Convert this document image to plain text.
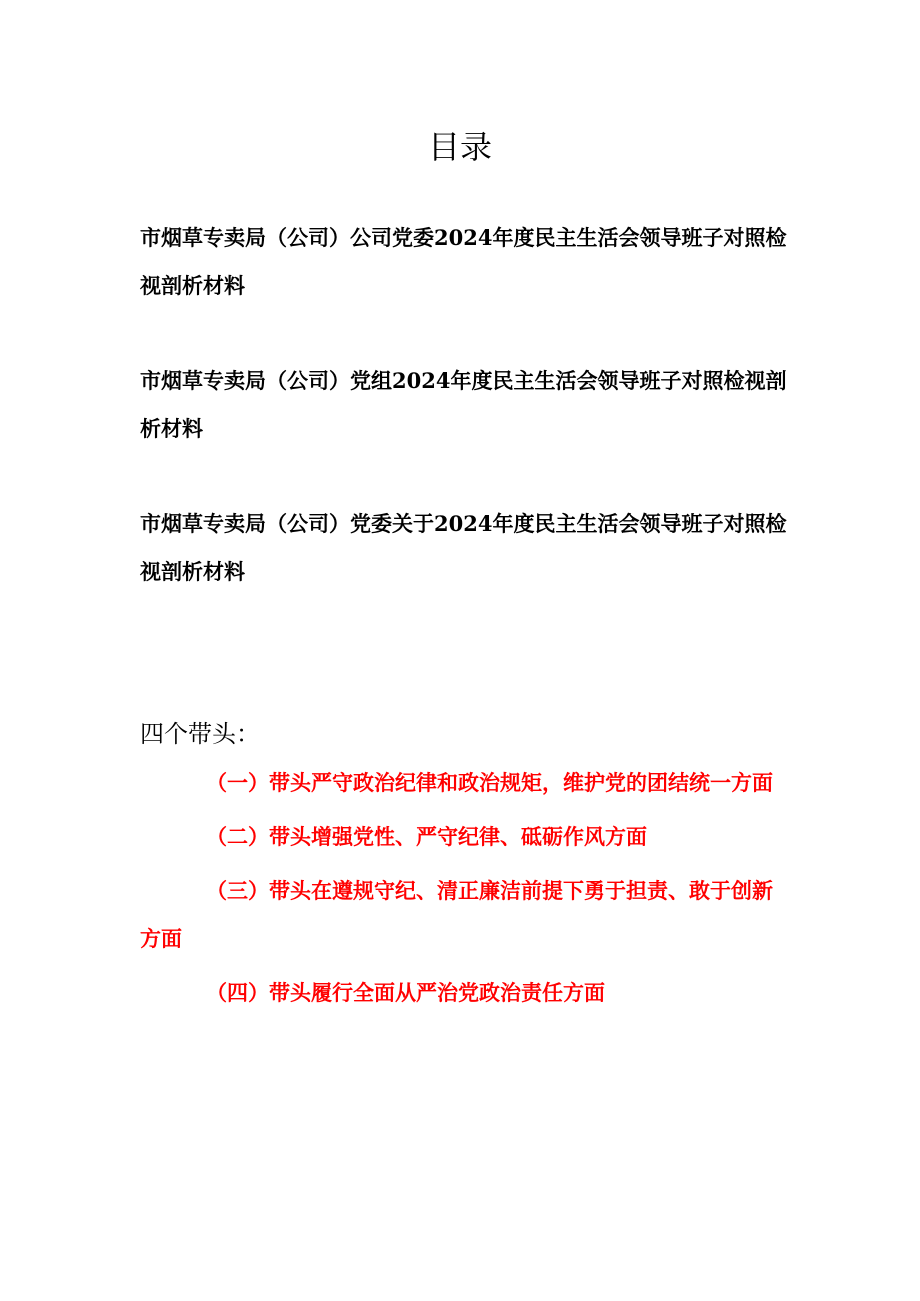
目录
市烟草专卖局（公司）公司党委2024年度民主生活会领导班子对照检视剖析材料
市烟草专卖局（公司）党组2024年度民主生活会领导班子对照检视剖析材料
市烟草专卖局（公司）党委关于2024年度民主生活会领导班子对照检视剖析材料
四个带头：
（一）带头严守政治纪律和政治规矩，维护党的团结统一方面
（二）带头增强党性、严守纪律、砥砺作风方面
（三）带头在遵规守纪、清正廉洁前提下勇于担责、敢于创新方面
（四）带头履行全面从严治党政治责任方面
